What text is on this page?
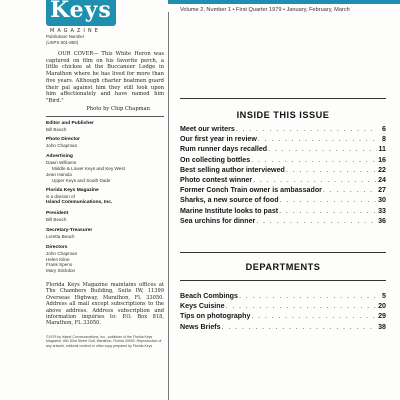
Keys
MAGAZINE
Volume 2, Number 1 • First Quarter 1979 • January, February, March
Publication Number
(USPS 601-850)

OUR COVER— This White Heron was captured on film on his favorite perch, a little chickee at the Buccaneer Lodge in Marathon where he has lived for more than five years. Although charter boatmen guard their pal against him they still look upon him affectionately and have named him "Bird."

Photo by Chip Chapman
Editor and Publisher
Bill Beach
Photo Director
John Chapman
Advertising
Dawn Williams
Middle & Lower Keys and Key West
Jean Hanula
Upper Keys and South Dade
Florida Keys Magazine
is a division of
Island Communications, Inc.
President
Bill Beach
Secretary-Treasurer
Loretta Beach
Directors
John Chapman
Helen Kline
Frank Speno
Mary Stickdon

Florida Keys Magazine maintains offices at The Chambers Building, Suite IW, 11399 Overseas Highway, Marathon, Fl. 33050. Address all mail except subscriptions to the above address. Address subscription and information inquiries to: P.O. Box 818, Marathon, FL 33050.

©1979 by Island Communications, Inc., publisher of the Florida Keys Magazine, 681 83rd Street Gulf, Marathon, Florida 33050. Reproduction of any artwork, editorial content or other copy prepared by Florida Keys

INSIDE THIS ISSUE
Meet our writers . . .	6
Our first year in review . . .	8
Rum runner days recalled . . .	11
On collecting bottles . . .	16
Best selling author interviewed . . .	22
Photo contest winner . . .	24
Former Conch Train owner is ambassador . . .	27
Sharks, a new source of food . . .	30
Marine Institute looks to past . . .	33
Sea urchins for dinner . . .	36
DEPARTMENTS
Beach Combings . . .	5
Keys Cuisine . . .	20
Tips on photography . . .	29
News Briefs . . .	38
